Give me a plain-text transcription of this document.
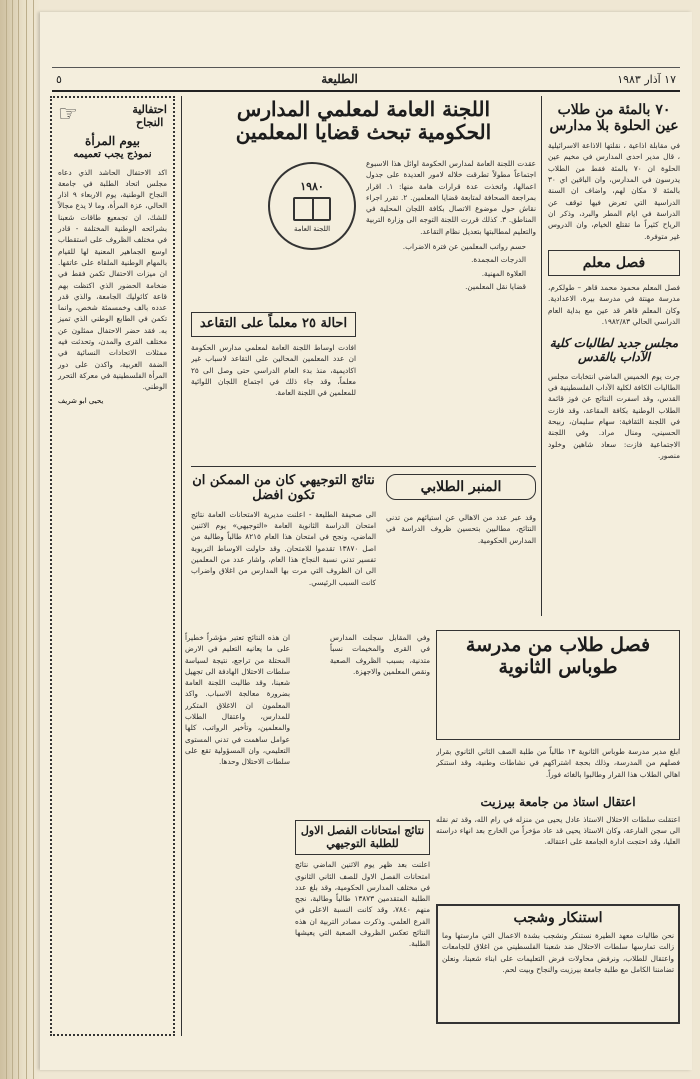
١٧ آذار ١٩٨٣
الطليعة
٥
٧٠ بالمئة من طلاب عين الحلوة بلا مدارس

في مقابلة اذاعية ، نقلتها الاذاعة الاسرائيلية ، قال مدير احدى المدارس في مخيم عين الحلوة ان ٧٠ بالمئة فقط من الطلاب يدرسون في المدارس، وان الباقين اي ٣٠ بالمئة لا مكان لهم، واضاف ان السنة الدراسية التي تعرض فيها توقف عن الدراسة في ايام المطر والبرد، وذكر ان الرياح كثيراً ما تقتلع الخيام، وان الدروس غير متوفرة.

فصل معلم

فصل المعلم محمود محمد قاهر – طولكرم، مدرسة مهنتة في مدرسة بيرة، الاعدادية. وكان المعلم قاهر قد عين مع بداية العام الدراسي الحالي ١٩٨٢/٨٣.

مجلس جديد لطالبات كلية الآداب بالقدس

جرت يوم الخميس الماضي انتخابات مجلس الطالبات الكافة لكلية الآداب الفلسطينية في القدس، وقد اسفرت النتائج عن فوز قائمة الطلاب الوطنية بكافة المقاعد، وقد فازت في اللجنة الثقافية: سهام سليمان، ربيحة الحسيني، ومنال مراد. وفي اللجنة الاجتماعية فازت: سعاد شاهين وخلود منصور.

اللجنة العامة لمعلمي المدارس
الحكومية تبحث قضايا المعلمين

عقدت اللجنة العامة لمدارس الحكومة اوائل هذا الاسبوع اجتماعاً مطولاً تطرقت خلاله لامور العديدة على جدول اعمالها، واتخذت عدة قرارات هامة منها: ١. اقرار بمراجعة الصحافة لمتابعة قضايا المعلمين. ٢. تقرر اجراء نقاش حول موضوع الاتصال بكافة اللجان المحلية في المناطق. ٣. كذلك قررت اللجنة التوجه الى وزارة التربية والتعليم لمطالبتها بتعديل نظام التقاعد.

حسم رواتب المعلمين عن فترة الاضراب.
الدرجات المجمدة.
العلاوة المهنية.
قضايا نقل المعلمين.
١٩٨٠
اللجنة العامة
احالة ٢٥ معلماً على التقاعد

افادت اوساط اللجنة العامة لمعلمي مدارس الحكومة ان عدد المعلمين المحالين على التقاعد لاسباب غير اكاديمية، منذ بدء العام الدراسي حتى وصل الى ٢٥ معلماً، وقد جاء ذلك في اجتماع اللجان اللوائية للمعلمين في اللجنة العامة.

المنبر الطلابي
نتائج التوجيهي كان من الممكن ان تكون افضل

الى صحيفة الطليعة - اعلنت مديرية الامتحانات العامة نتائج امتحان الدراسة الثانوية العامة «التوجيهي» يوم الاثنين الماضي، ونجح في امتحان هذا العام ٨٢١٥ طالباً وطالبة من اصل ١٣٨٧٠ تقدموا للامتحان. وقد حاولت الاوساط التربوية تفسير تدني نسبة النجاح هذا العام، واشار عدد من المعلمين الى ان الظروف التي مرت بها المدارس من اغلاق واضراب كانت السبب الرئيسي.

وقد عبر عدد من الاهالي عن استيائهم من تدني النتائج، مطالبين بتحسين ظروف الدراسة في المدارس الحكومية.

فصل طلاب من مدرسة طوباس الثانوية

ابلغ مدير مدرسة طوباس الثانوية ١٣ طالباً من طلبة الصف الثاني الثانوي بقرار فصلهم من المدرسة، وذلك بحجة اشتراكهم في نشاطات وطنية، وقد استنكر اهالي الطلاب هذا القرار وطالبوا بالغائه فوراً.

اعتقال استاذ من جامعة بيرزيت

اعتقلت سلطات الاحتلال الاستاذ عادل يحيى من منزله في رام الله، وقد تم نقله الى سجن الفارعة، وكان الاستاذ يحيى قد عاد مؤخراً من الخارج بعد انهاء دراسته العليا، وقد احتجت ادارة الجامعة على اعتقاله.

استنكار وشجب

نحن طالبات معهد الطيرة نستنكر ونشجب بشدة الاعمال التي مارستها وما زالت تمارسها سلطات الاحتلال ضد شعبنا الفلسطيني من اغلاق للجامعات واعتقال للطلاب، ونرفض محاولات فرض التعليمات على ابناء شعبنا، ونعلن تضامننا الكامل مع طلبة جامعة بيرزيت والنجاح وبيت لحم.

وفي المقابل سجلت المدارس في القرى والمخيمات نسباً متدنية، بسبب الظروف الصعبة ونقص المعلمين والاجهزة.

نتائج امتحانات الفصل الاول للطلبة التوجيهي

اعلنت بعد ظهر يوم الاثنين الماضي نتائج امتحانات الفصل الاول للصف الثاني الثانوي في مختلف المدارس الحكومية، وقد بلغ عدد الطلبة المتقدمين ١٣٨٧٣ طالباً وطالبة، نجح منهم ٧٨٤٠، وقد كانت النسبة الاعلى في الفرع العلمي. وذكرت مصادر التربية ان هذه النتائج تعكس الظروف الصعبة التي يعيشها الطلبة.

ان هذه النتائج تعتبر مؤشراً خطيراً على ما يعانيه التعليم في الارض المحتلة من تراجع، نتيجة لسياسة سلطات الاحتلال الهادفة الى تجهيل شعبنا، وقد طالبت اللجنة العامة بضرورة معالجة الاسباب. واكد المعلمون ان الاغلاق المتكرر للمدارس، واعتقال الطلاب والمعلمين، وتأخير الرواتب، كلها عوامل ساهمت في تدني المستوى التعليمي، وان المسؤولية تقع على سلطات الاحتلال وحدها.

احتفالية
النجاح
☞
بيوم المرأة
نموذج يجب تعميمه

اكد الاحتفال الحاشد الذي دعاه مجلس اتحاد الطلبة في جامعة النجاح الوطنية، يوم الاربعاء ٩ اذار الحالي، عزة المرأة، وما لا يدع مجالاً للشك، ان تجمعيع طاقات شعبنا بشرائحه الوطنية المختلفة - قادر في مختلف الظروف على استقطاب اوسع الجماهير المعنية لها للقيام بالمهام الوطنية الملقاة على عاتقها. ان ميزات الاحتفال تكمن فقط في ضخامة الحضور الذي اكتظت بهم قاعة كاثوليك الجامعة، والذي قدر عدده بالف وخمسمئة شخص، وانما تكمن في الطابع الوطني الذي تميز به. فقد حضر الاحتفال ممثلون عن مختلف القرى والمدن، وتحدثت فيه ممثلات الاتحادات النسائية في الضفة الغربية، واكدن على دور المرأة الفلسطينية في معركة التحرر الوطني.

يحيى ابو شريف
